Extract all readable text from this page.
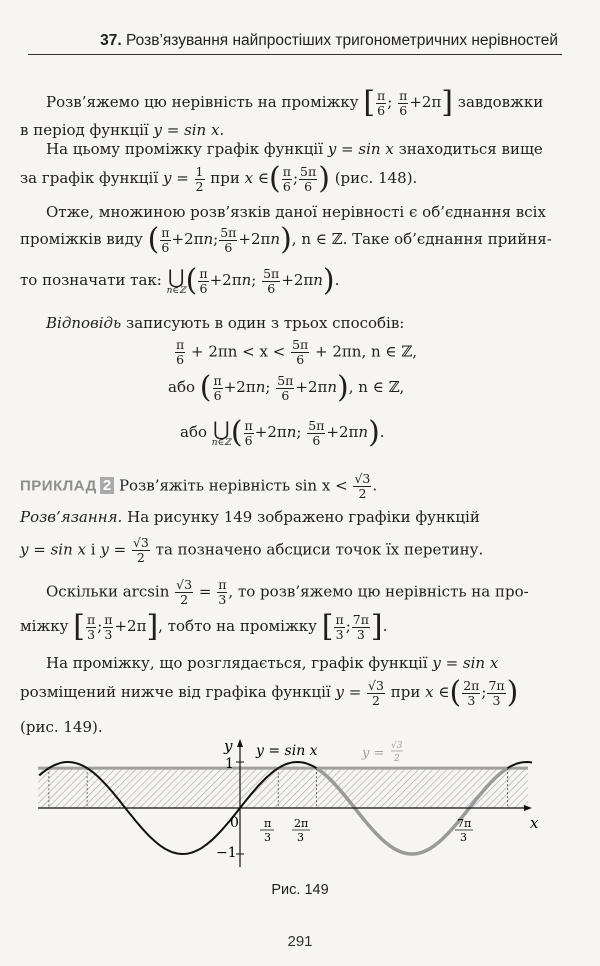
37. Розв’язування найпростіших тригонометричних нерівностей
Розв’яжемо цю нерівність на проміжку [ $\frac{\pi}{6}$ ; $\frac{\pi}{6} +2\pi$] завдовжки
в період функції y = sin x.
На цьому проміжку графік функції y = sin x знаходиться вище
за графік функції $y = \frac{1}{2}$ при x ∈( $\frac{\pi}{6}$ ; $\frac{5\pi}{6}$ ) (рис. 148).
Отже, множиною розв’язків даної нерівності є об’єднання всіх
проміжків виду ( $\frac{\pi}{6} +2\pi n$; $\frac{5\pi}{6} +2\pi n$), n ∈ ℤ. Таке об’єднання прийня-
то позначати так: ⋃
n∈ℤ ( $\frac{\pi}{6} +2\pi n$; $\frac{5\pi}{6} +2\pi n$).
Відповідь записують в один з трьох способів:
$\frac{\pi}{6} + 2\pi n < x < \frac{5\pi}{6} + 2\pi n$, n ∈ ℤ,
або ( $\frac{\pi}{6} +2\pi n$; $\frac{5\pi}{6} +2\pi n$), n ∈ ℤ,
або ⋃
n∈ℤ ( $\frac{\pi}{6} +2\pi n$; $\frac{5\pi}{6} +2\pi n$).
ПРИКЛАД 2 Розв’яжіть нерівність $\sin x < \frac{√3}{2}$ .
Розв’язання. На рисунку 149 зображено графіки функцій
y = sin x і $y = \frac{√3}{2}$ та позначено абсциси точок їх перетину.
Оскільки $\arcsin \frac{√3}{2} = \frac{\pi}{3}$ , то розв’яжемо цю нерівність на про-
міжку [ $\frac{\pi}{3}$ ; $\frac{\pi}{3} +2\pi$], тобто на проміжку [ $\frac{\pi}{3}$ ; $\frac{7\pi}{3}$ ].
На проміжку, що розглядається, графік функції y = sin x
розміщений нижче від графіка функції $y = \frac{√3}{2}$ при x ∈( $\frac{2\pi}{3}$ ; $\frac{7\pi}{3}$ )
(рис. 149).
y
x
0
1
−1
y = sin x	y = √3
2
π
3
2π
3
7π
3
Рис. 149
291
